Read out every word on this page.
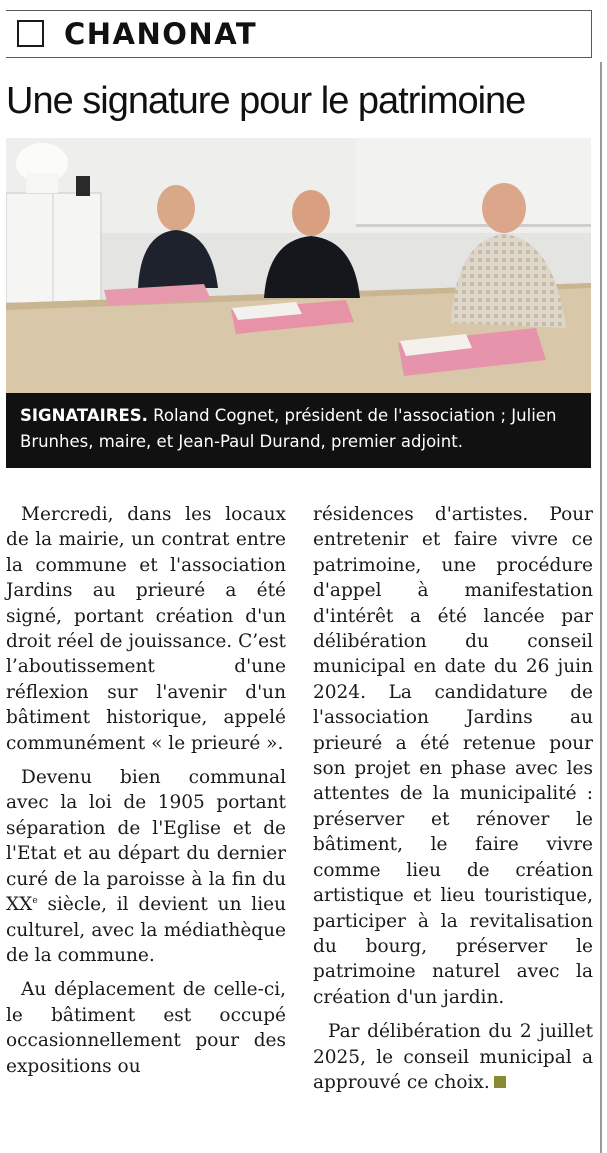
CHANONAT
Une signature pour le patrimoine
SIGNATAIRES. Roland Cognet, président de l'association ; Julien Brunhes, maire, et Jean-Paul Durand, premier adjoint.

Mercredi, dans les locaux de la mairie, un contrat entre la commune et l'association Jardins au prieuré a été signé, portant création d'un droit réel de jouissance. C’est l’aboutissement d'une réflexion sur l'avenir d'un bâtiment historique, appelé communément « le prieuré ».

Devenu bien communal avec la loi de 1905 portant séparation de l'Eglise et de l'Etat et au départ du dernier curé de la paroisse à la fin du XXe siècle, il devient un lieu culturel, avec la médiathèque de la commune.

Au déplacement de celle-ci, le bâtiment est occupé occasionnellement pour des expositions ou

résidences d'artistes. Pour entretenir et faire vivre ce patrimoine, une procédure d'appel à manifestation d'intérêt a été lancée par délibération du conseil municipal en date du 26 juin 2024. La candidature de l'association Jardins au prieuré a été retenue pour son projet en phase avec les attentes de la municipalité : préserver et rénover le bâtiment, le faire vivre comme lieu de création artistique et lieu touristique, participer à la revitalisation du bourg, préserver le patrimoine naturel avec la création d'un jardin.

Par délibération du 2 juillet 2025, le conseil municipal a approuvé ce choix.
